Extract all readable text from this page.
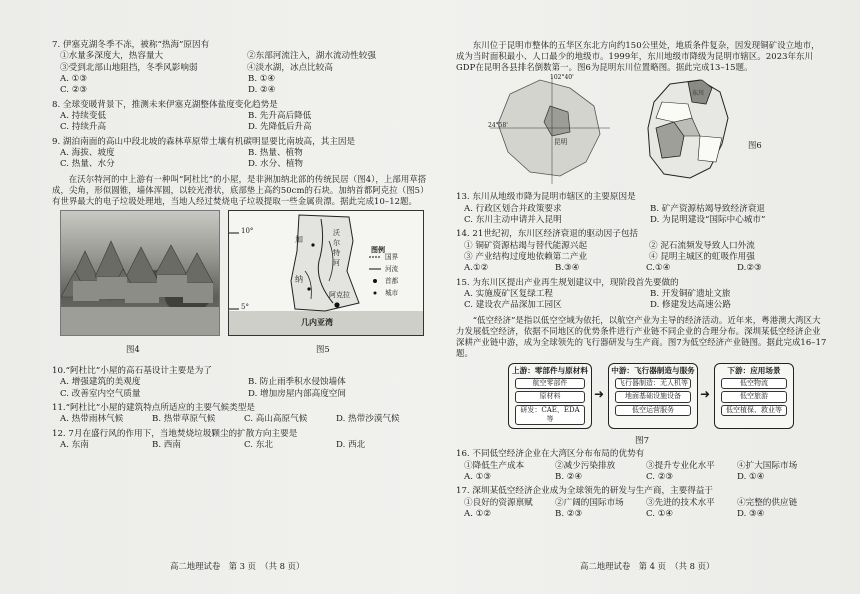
7. 伊塞克湖冬季不冻，被称“热海”原因有
①水量多深度大，热容量大	②东部河流注入，湖水流动性较强
③受到北部山地阻挡，冬季风影响弱	④淡水湖，冰点比较高
A. ①③	B. ①④
C. ②③	D. ②④
8. 全球变暖背景下，推测未来伊塞克湖整体盐度变化趋势是
A. 持续变低	B. 先升高后降低
C. 持续升高	D. 先降低后升高
9. 湖泊南面的高山中段北坡的森林草原带土壤有机碳明显要比南坡高，其主因是
A. 海拔、坡度	B. 热量、植物
C. 热量、水分	D. 水分、植物

在沃尔特河的中上游有一种叫“阿杜比”的小屋，是非洲加纳北部的传统民居（图4），上部用草搭成，尖角，形似圆锥，墙体浑圆，以较光滑状，底部垫上高约50cm的石块。加纳首都阿克拉（图5）有世界最大的电子垃圾处理地，当地人经过焚烧电子垃圾提取一些金属贵漂。据此完成10–12题。

10°
5°
加
纳
阿克拉
沃
尔
特
河
图例
国界
河流
首都
城市
几内亚湾
图4	图5
10.“阿杜比”小屋的高石基设计主要是为了
A. 增强建筑的美观度	B. 防止雨季积水侵蚀墙体
C. 改善室内空气质量	D. 增加房屋内部高度空间
11.“阿杜比”小屋的建筑特点所适应的主要气候类型是
A. 热带雨林气候	B. 热带草原气候	C. 高山高原气候	D. 热带沙漠气候
12. 7月在盛行风的作用下，当地焚烧垃圾颗尘的扩散方向主要是
A. 东南	B. 西南	C. 东北	D. 西北
高二地理试卷　第 3 页　（共 8 页）

东川位于昆明市整体的五华区东北方向约150公里处，地质条件复杂，因发现铜矿设立地市，成为当时面积最小、人口最少的地级市。1999年，东川地级市降级为昆明市辖区。2023年东川GDP在昆明各县排名倒数第一。图6为昆明东川位置略图。据此完成13–15题。

102°40'
24°58'
昆明
东川
图6
13. 东川从地级市降为昆明市辖区的主要原因是
A. 行政区划合并政策要求	B. 矿产资源枯竭导致经济衰退
C. 东川主动申请并入昆明	D. 为昆明建设“国际中心城市”
14. 21世纪初，东川区经济衰退的驱动因子包括
① 铜矿资源枯竭与替代能源兴起	② 泥石流频发导致人口外流
③ 产业结构过度地依赖第二产业	④ 昆明主城区的虹吸作用强
A.①②	B.③④	C.①④	D.②③
15. 为东川区提出产业再生规划建议中，现阶段首先要做的
A. 实施废矿区复绿工程	B. 开发铜矿遗址文旅
C. 建设农产品深加工园区	D. 修建发达高速公路

“低空经济”是指以低空空域为依托，以航空产业为主导的经济活动。近年来，粤港澳大湾区大力发展低空经济，依据不同地区的优势条件进行产业链不同企业的合理分布。深圳某低空经济企业深耕产业链中游，成为全球领先的飞行器研发与生产商。图7为低空经济产业链图。据此完成16–17题。

上游：零部件与原材料
航空零部件
原材料
研发：CAE、EDA等
➜
中游：飞行器制造与服务
飞行器制造：无人机等
地面基础设施设备
低空运营服务
➜
下游：应用场景
低空物流
低空旅游
低空植保、救业等
图7
16. 不同低空经济企业在大湾区分布布局的优势有
①降低生产成本	②减少污染排放	③提升专业化水平	④扩大国际市场
A. ①③	B. ②④	C. ②③	D. ①④
17. 深圳某低空经济企业成为全球领先的研发与生产商，主要得益于
①良好的资源禀赋	②广阔的国际市场	③先进的技术水平	④完整的供应链
A. ①②	B. ②③	C. ①④	D. ③④
高二地理试卷　第 4 页　（共 8 页）
